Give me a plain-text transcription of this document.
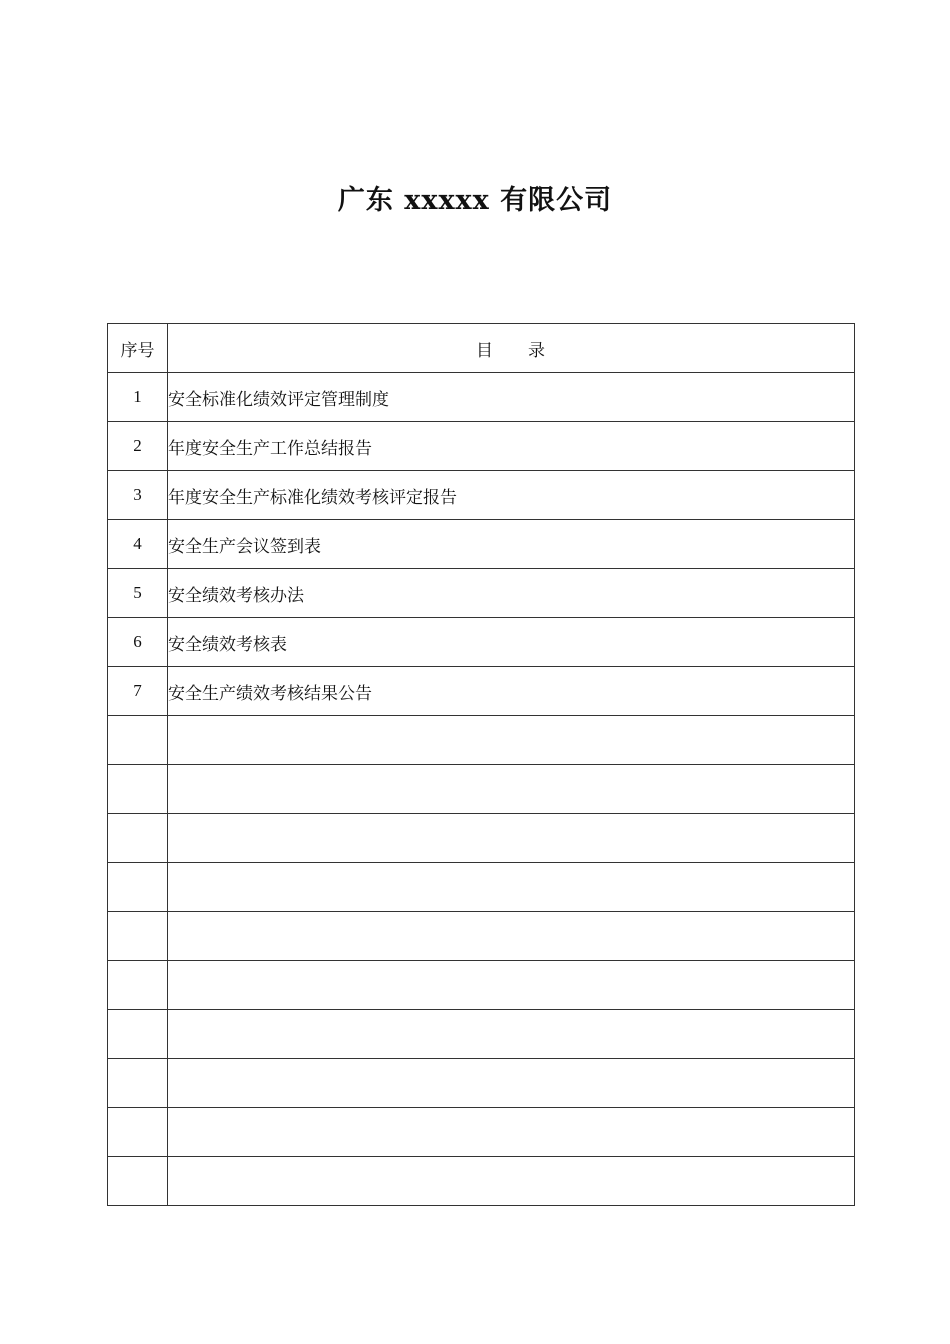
广东 xxxxx 有限公司
序号	目 录
1	安全标准化绩效评定管理制度
2	年度安全生产工作总结报告
3	年度安全生产标准化绩效考核评定报告
4	安全生产会议签到表
5	安全绩效考核办法
6	安全绩效考核表
7	安全生产绩效考核结果公告
